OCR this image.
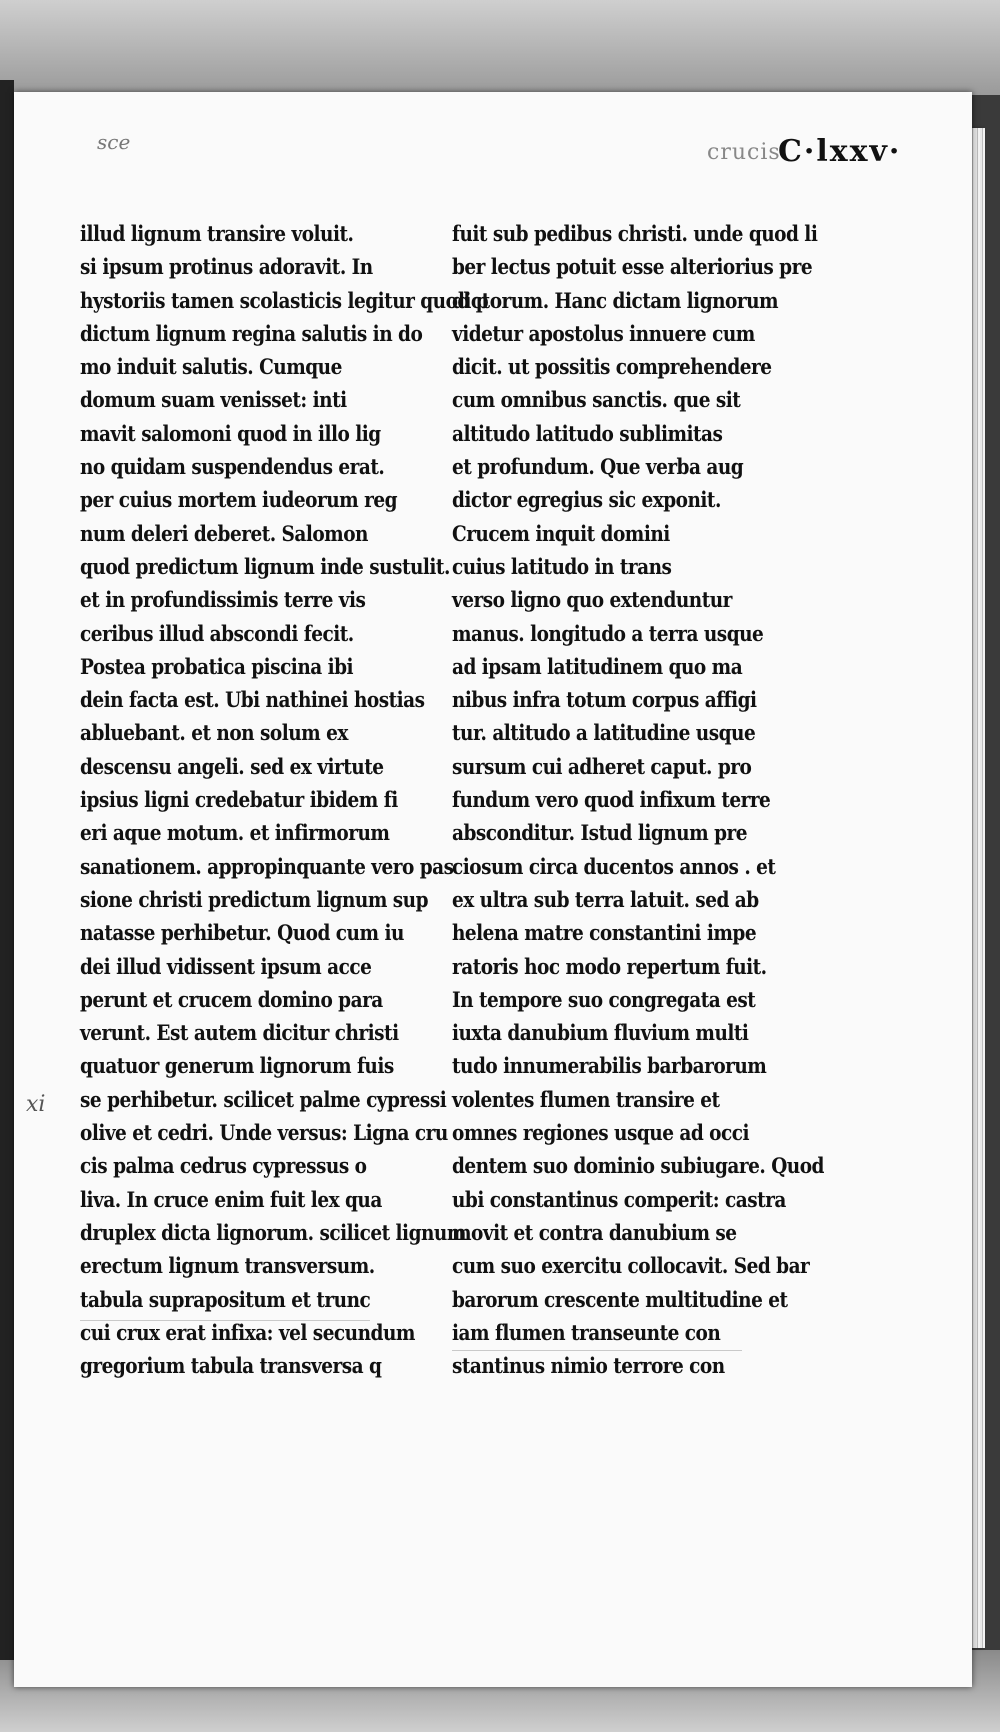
sce	crucis
C·lxxv·
xi
illud lignum transire voluit.
si ipsum protinus adoravit. In
hystoriis tamen scolasticis legitur quod p
dictum lignum regina salutis in do
mo induit salutis. Cumque
domum suam venisset: inti
mavit salomoni quod in illo lig
no quidam suspendendus erat.
per cuius mortem iudeorum reg
num deleri deberet. Salomon
quod predictum lignum inde sustulit.
et in profundissimis terre vis
ceribus illud abscondi fecit.
Postea probatica piscina ibi
dein facta est. Ubi nathinei hostias
abluebant. et non solum ex
descensu angeli. sed ex virtute
ipsius ligni credebatur ibidem fi
eri aque motum. et infirmorum
sanationem. appropinquante vero pas
sione christi predictum lignum sup
natasse perhibetur. Quod cum iu
dei illud vidissent ipsum acce
perunt et crucem domino para
verunt. Est autem dicitur christi
quatuor generum lignorum fuis
se perhibetur. scilicet palme cypressi
olive et cedri. Unde versus: Ligna cru
cis palma cedrus cypressus o
liva. In cruce enim fuit lex qua
druplex dicta lignorum. scilicet lignum
erectum lignum transversum.
tabula suprapositum et trunc
cui crux erat infixa: vel secundum
gregorium tabula transversa q
fuit sub pedibus christi. unde quod li
ber lectus potuit esse alteriorius pre
dictorum. Hanc dictam lignorum
videtur apostolus innuere cum
dicit. ut possitis comprehendere
cum omnibus sanctis. que sit
altitudo latitudo sublimitas
et profundum. Que verba aug
dictor egregius sic exponit.
Crucem inquit domini
cuius latitudo in trans
verso ligno quo extenduntur
manus. longitudo a terra usque
ad ipsam latitudinem quo ma
nibus infra totum corpus affigi
tur. altitudo a latitudine usque
sursum cui adheret caput. pro
fundum vero quod infixum terre
absconditur. Istud lignum pre
ciosum circa ducentos annos . et
ex ultra sub terra latuit. sed ab
helena matre constantini impe
ratoris hoc modo repertum fuit.
In tempore suo congregata est
iuxta danubium fluvium multi
tudo innumerabilis barbarorum
volentes flumen transire et
omnes regiones usque ad occi
dentem suo dominio subiugare. Quod
ubi constantinus comperit: castra
movit et contra danubium se
cum suo exercitu collocavit. Sed bar
barorum crescente multitudine et
iam flumen transeunte con
stantinus nimio terrore con
